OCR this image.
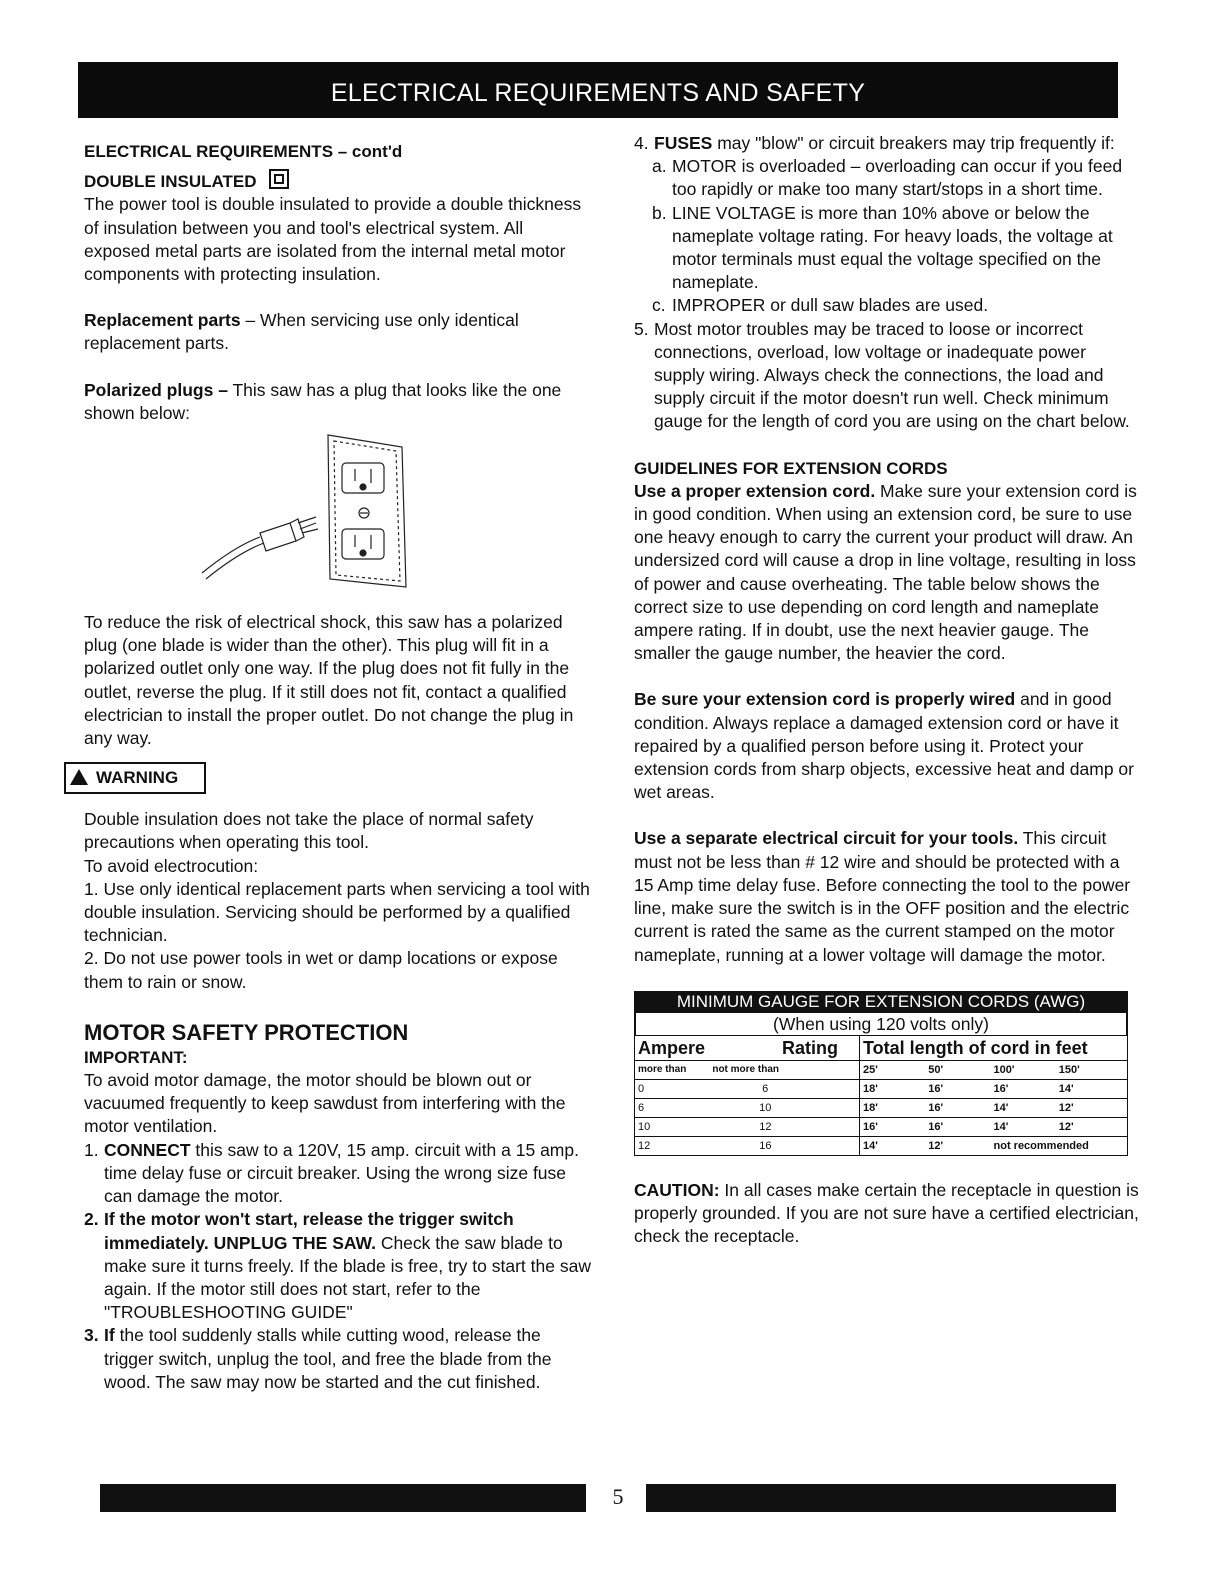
ELECTRICAL REQUIREMENTS AND SAFETY

ELECTRICAL REQUIREMENTS – cont'd

DOUBLE INSULATED

The power tool is double insulated to provide a double thickness of insulation between you and tool's electrical system. All exposed metal parts are isolated from the internal metal motor components with protecting insulation.

Replacement parts – When servicing use only identical replacement parts.

Polarized plugs – This saw has a plug that looks like the one shown below:

To reduce the risk of electrical shock, this saw has a polarized plug (one blade is wider than the other). This plug will fit in a polarized outlet only one way. If the plug does not fit fully in the outlet, reverse the plug. If it still does not fit, contact a qualified electrician to install the proper outlet. Do not change the plug in any way.

WARNING

Double insulation does not take the place of normal safety precautions when operating this tool.

To avoid electrocution:

1. Use only identical replacement parts when servicing a tool with double insulation. Servicing should be performed by a qualified technician.

2. Do not use power tools in wet or damp locations or expose them to rain or snow.

MOTOR SAFETY PROTECTION

IMPORTANT:

To avoid motor damage, the motor should be blown out or vacuumed frequently to keep sawdust from interfering with the motor ventilation.

1. CONNECT this saw to a 120V, 15 amp. circuit with a 15 amp. time delay fuse or circuit breaker. Using the wrong size fuse can damage the motor.
2. If the motor won't start, release the trigger switch immediately. UNPLUG THE SAW. Check the saw blade to make sure it turns freely. If the blade is free, try to start the saw again. If the motor still does not start, refer to the "TROUBLESHOOTING GUIDE"
3. If the tool suddenly stalls while cutting wood, release the trigger switch, unplug the tool, and free the blade from the wood. The saw may now be started and the cut finished.
4. FUSES may "blow" or circuit breakers may trip frequently if:
a. MOTOR is overloaded – overloading can occur if you feed too rapidly or make too many start/stops in a short time.
b. LINE VOLTAGE is more than 10% above or below the nameplate voltage rating. For heavy loads, the voltage at motor terminals must equal the voltage specified on the nameplate.
c. IMPROPER or dull saw blades are used.
5. Most motor troubles may be traced to loose or incorrect connections, overload, low voltage or inadequate power supply wiring. Always check the connections, the load and supply circuit if the motor doesn't run well. Check minimum gauge for the length of cord you are using on the chart below.

GUIDELINES FOR EXTENSION CORDS

Use a proper extension cord. Make sure your extension cord is in good condition. When using an extension cord, be sure to use one heavy enough to carry the current your product will draw. An undersized cord will cause a drop in line voltage, resulting in loss of power and cause overheating. The table below shows the correct size to use depending on cord length and nameplate ampere rating. If in doubt, use the next heavier gauge. The smaller the gauge number, the heavier the cord.

Be sure your extension cord is properly wired and in good condition. Always replace a damaged extension cord or have it repaired by a qualified person before using it. Protect your extension cords from sharp objects, excessive heat and damp or wet areas.

Use a separate electrical circuit for your tools. This circuit must not be less than # 12 wire and should be protected with a 15 Amp time delay fuse. Before connecting the tool to the power line, make sure the switch is in the OFF position and the electric current is rated the same as the current stamped on the motor nameplate, running at a lower voltage will damage the motor.

MINIMUM GAUGE FOR EXTENSION CORDS (AWG)
(When using 120 volts only)
Ampere Rating		Total length of cord in feet
more than not more than		25' 50' 100' 150'

0 6		18' 16' 16' 14'

6 10		18' 16' 14' 12'

10 12		16' 16' 14' 12'

12 16		14' 12' not recommended

CAUTION: In all cases make certain the receptacle in question is properly grounded. If you are not sure have a certified electrician, check the receptacle.

5
